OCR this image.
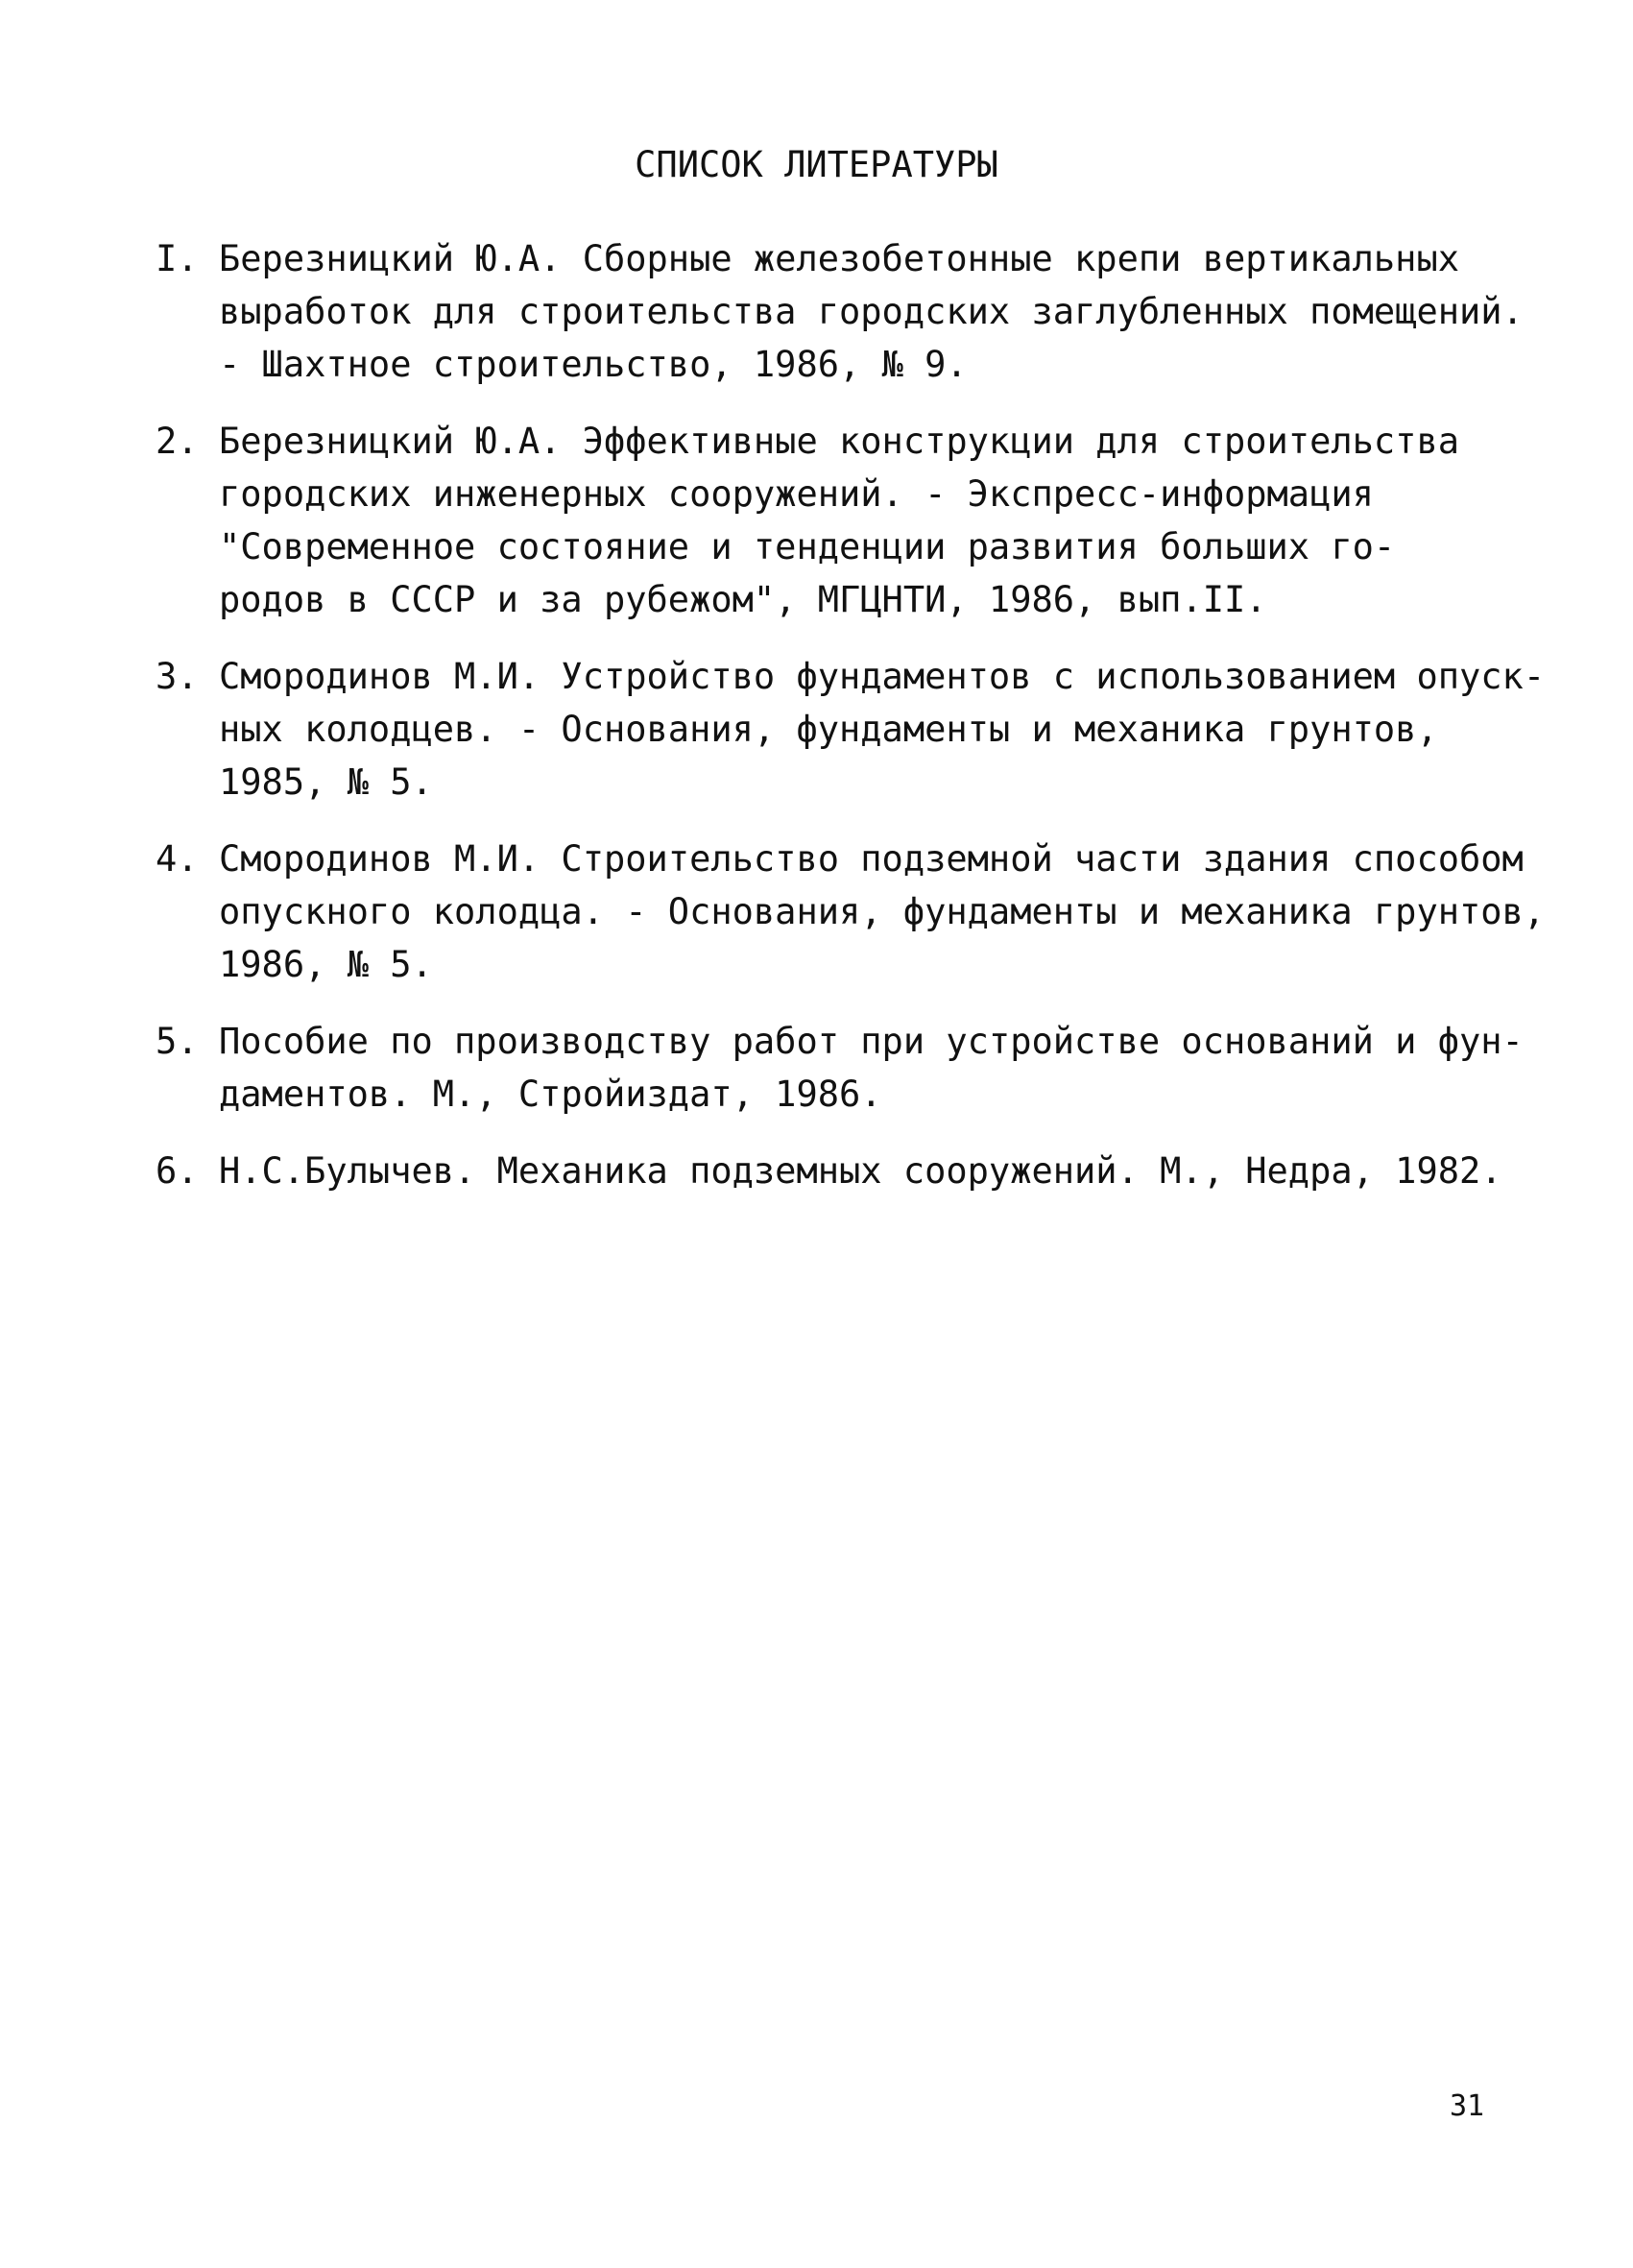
СПИСОК ЛИТЕРАТУРЫ
I. Березницкий Ю.А. Сборные железобетонные крепи вертикальных
выработок для строительства городских заглубленных помещений.
- Шахтное строительство, 1986, № 9.
2. Березницкий Ю.А. Эффективные конструкции для строительства
городских инженерных сооружений. - Экспресс-информация
"Современное состояние и тенденции развития больших го-
родов в СССР и за рубежом", МГЦНТИ, 1986, вып.II.
3. Смородинов М.И. Устройство фундаментов с использованием опуск-
ных колодцев. - Основания, фундаменты и механика грунтов,
1985, № 5.
4. Смородинов М.И. Строительство подземной части здания способом
опускного колодца. - Основания, фундаменты и механика грунтов,
1986, № 5.
5. Пособие по производству работ при устройстве оснований и фун-
даментов. М., Стройиздат, 1986.
6. Н.С.Булычев. Механика подземных сооружений. М., Недра, 1982.
31
